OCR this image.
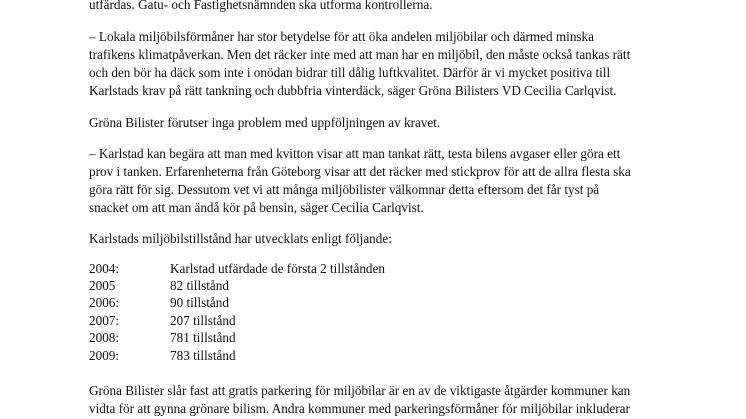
utfärdas. Gatu- och Fastighetsnämnden ska utforma kontrollerna.
– Lokala miljöbilsförmåner har stor betydelse för att öka andelen miljöbilar och därmed minska
trafikens klimatpåverkan. Men det räcker inte med att man har en miljöbil, den måste också tankas rätt
och den bör ha däck som inte i onödan bidrar till dålig luftkvalitet. Därför är vi mycket positiva till
Karlstads krav på rätt tankning och dubbfria vinterdäck, säger Gröna Bilisters VD Cecilia Carlqvist.
Gröna Bilister förutser inga problem med uppföljningen av kravet.
– Karlstad kan begära att man med kvitton visar att man tankat rätt, testa bilens avgaser eller göra ett
prov i tanken. Erfarenheterna från Göteborg visar att det räcker med stickprov för att de allra flesta ska
göra rätt för sig. Dessutom vet vi att många miljöbilister välkomnar detta eftersom det får tyst på
snacket om att man ändå kör på bensin, säger Cecilia Carlqvist.
Karlstads miljöbilstillstånd har utvecklats enligt följande:
2004:	Karlstad utfärdade de första 2 tillstånden
2005	82 tillstånd
2006:	90 tillstånd
2007:	207 tillstånd
2008:	781 tillstånd
2009:	783 tillstånd
Gröna Bilister slår fast att gratis parkering för miljöbilar är en av de viktigaste åtgärder kommuner kan
vidta för att gynna grönare bilism. Andra kommuner med parkeringsförmåner för miljöbilar inkluderar
